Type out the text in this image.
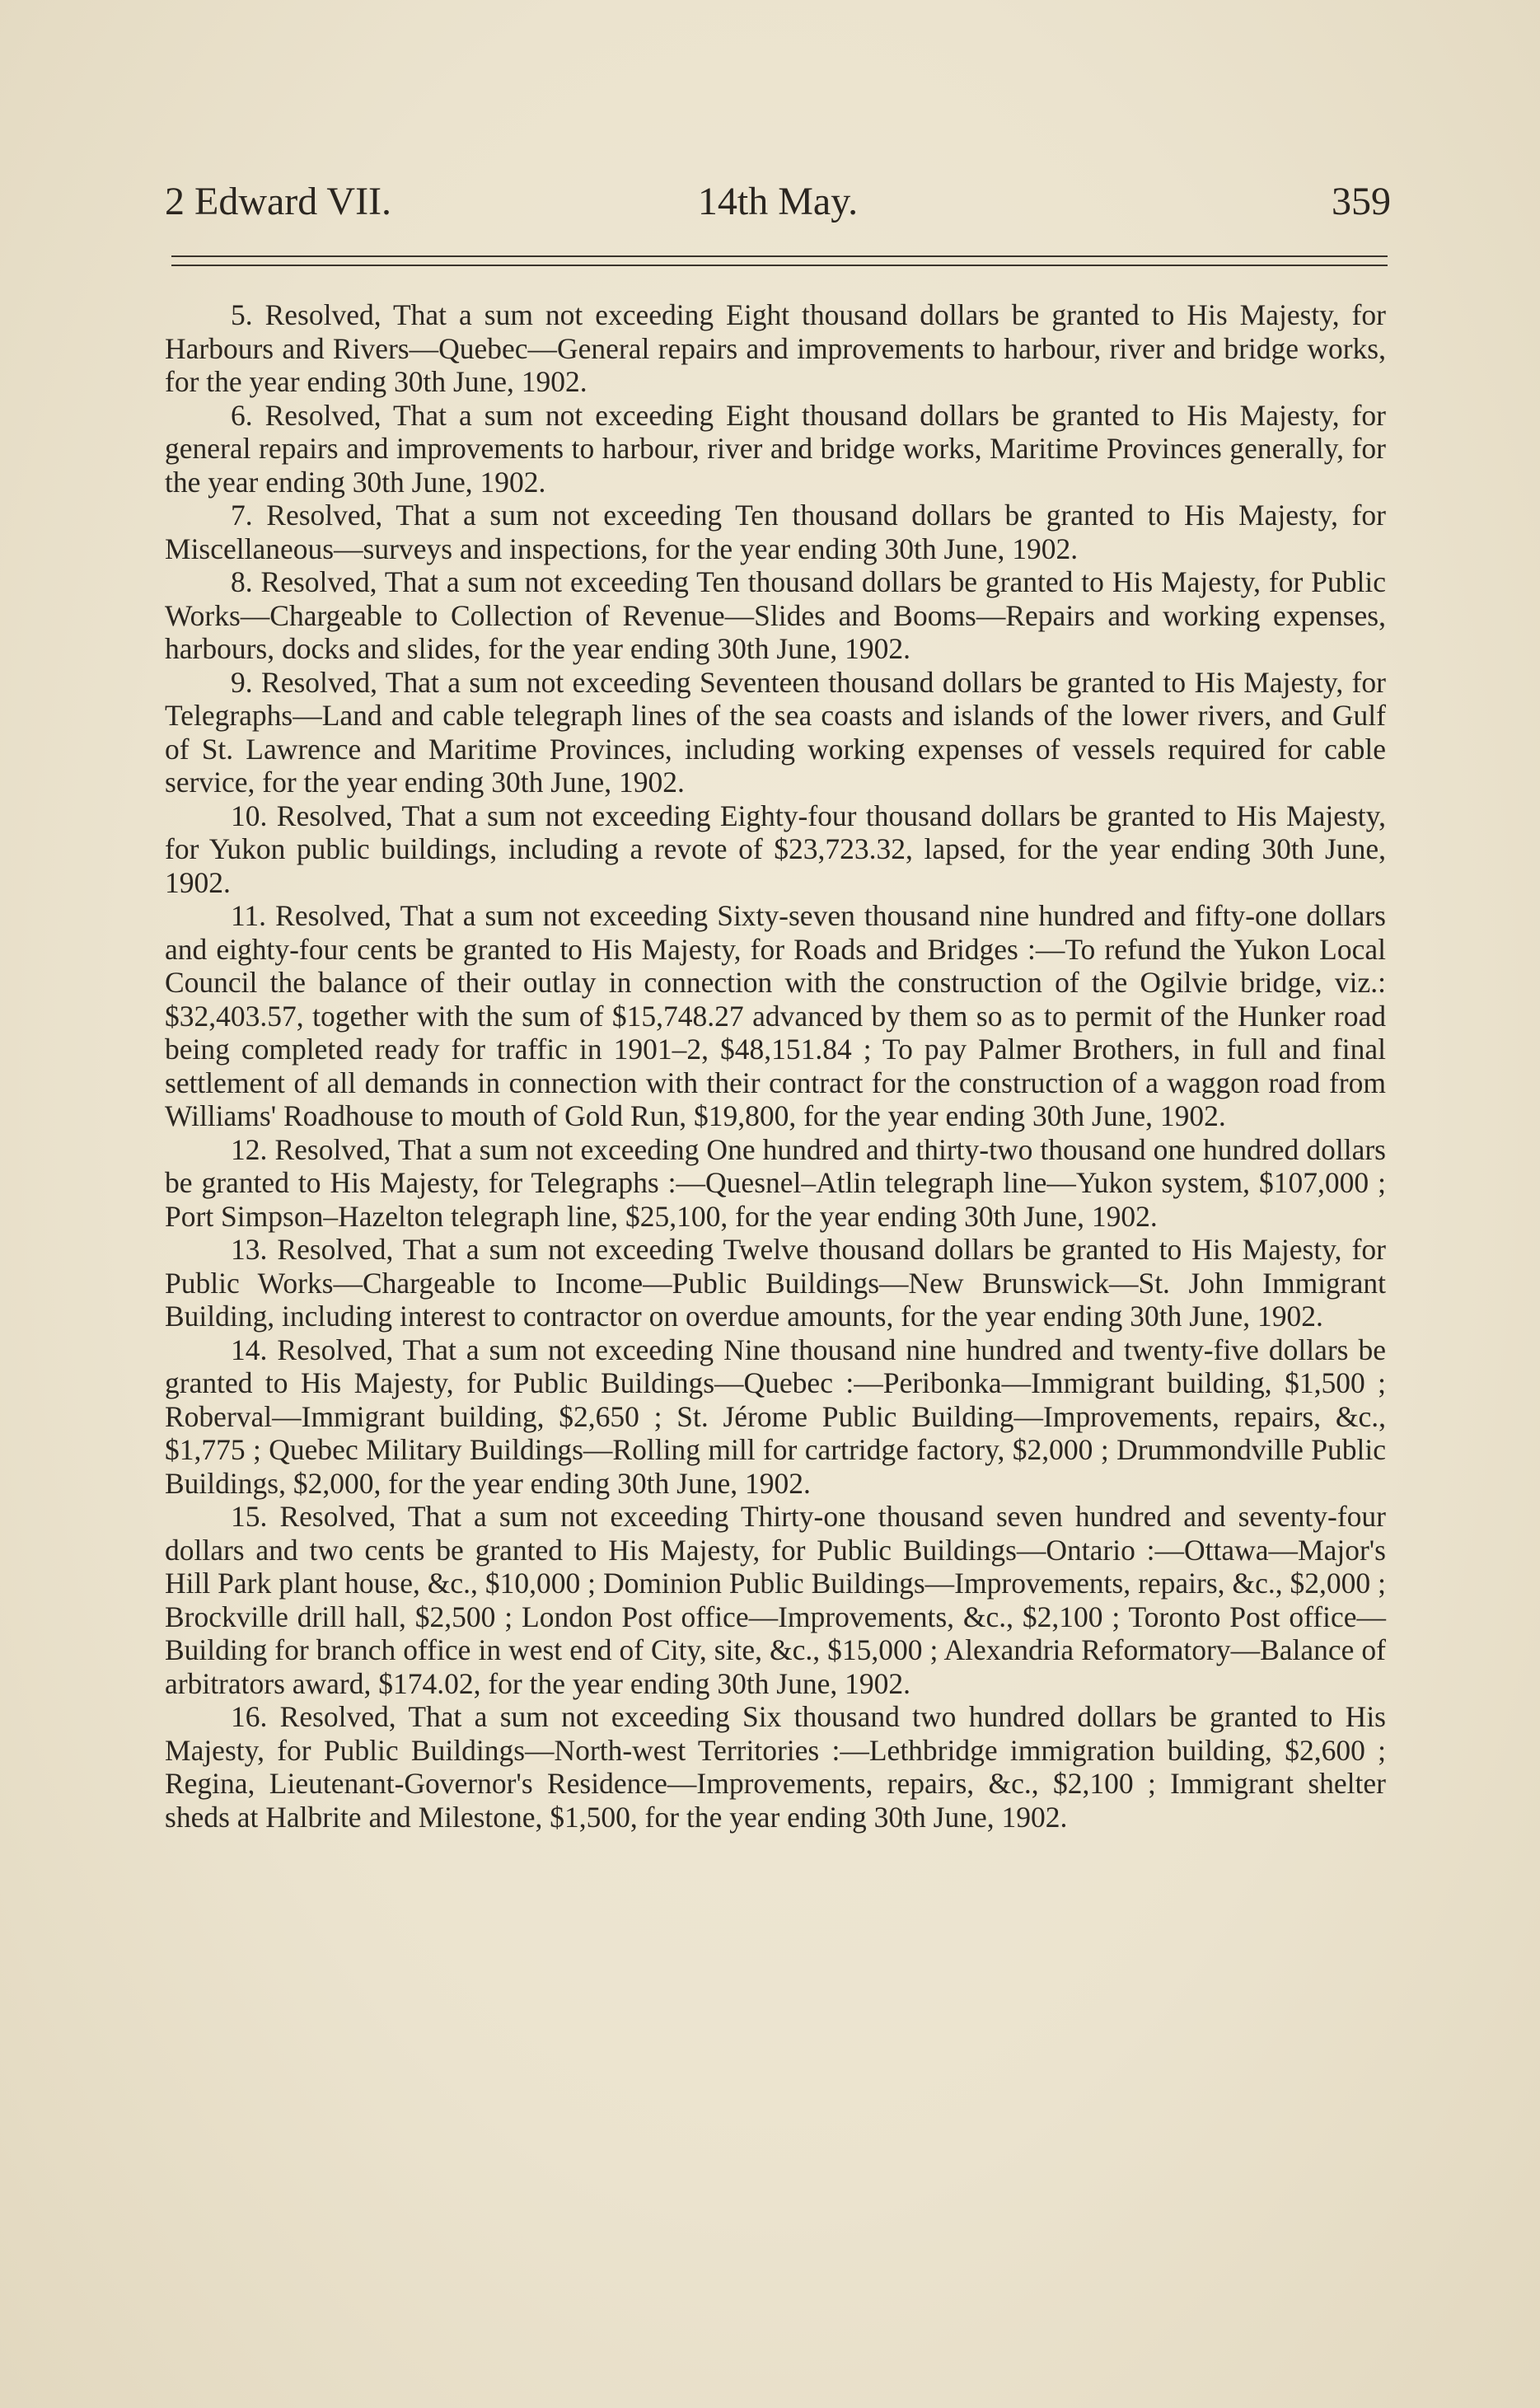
2 Edward VII.	14th May.	359

5. Resolved, That a sum not exceeding Eight thousand dollars be granted to His Majesty, for Harbours and Rivers—Quebec—General repairs and improvements to harbour, river and bridge works, for the year ending 30th June, 1902.

6. Resolved, That a sum not exceeding Eight thousand dollars be granted to His Majesty, for general repairs and improvements to harbour, river and bridge works, Maritime Provinces generally, for the year ending 30th June, 1902.

7. Resolved, That a sum not exceeding Ten thousand dollars be granted to His Majesty, for Miscellaneous—surveys and inspections, for the year ending 30th June, 1902.

8. Resolved, That a sum not exceeding Ten thousand dollars be granted to His Majesty, for Public Works—Chargeable to Collection of Revenue—Slides and Booms—Repairs and working expenses, harbours, docks and slides, for the year ending 30th June, 1902.

9. Resolved, That a sum not exceeding Seventeen thousand dollars be granted to His Majesty, for Telegraphs—Land and cable telegraph lines of the sea coasts and islands of the lower rivers, and Gulf of St. Lawrence and Maritime Provinces, including working expenses of vessels required for cable service, for the year ending 30th June, 1902.

10. Resolved, That a sum not exceeding Eighty-four thousand dollars be granted to His Majesty, for Yukon public buildings, including a revote of $23,723.32, lapsed, for the year ending 30th June, 1902.

11. Resolved, That a sum not exceeding Sixty-seven thousand nine hundred and fifty-one dollars and eighty-four cents be granted to His Majesty, for Roads and Bridges :—To refund the Yukon Local Council the balance of their outlay in connection with the construction of the Ogilvie bridge, viz.: $32,403.57, together with the sum of $15,748.27 advanced by them so as to permit of the Hunker road being completed ready for traffic in 1901–2, $48,151.84 ; To pay Palmer Brothers, in full and final settlement of all demands in connection with their contract for the construction of a waggon road from Williams' Roadhouse to mouth of Gold Run, $19,800, for the year ending 30th June, 1902.

12. Resolved, That a sum not exceeding One hundred and thirty-two thousand one hundred dollars be granted to His Majesty, for Telegraphs :—Quesnel–Atlin telegraph line—Yukon system, $107,000 ; Port Simpson–Hazelton telegraph line, $25,100, for the year ending 30th June, 1902.

13. Resolved, That a sum not exceeding Twelve thousand dollars be granted to His Majesty, for Public Works—Chargeable to Income—Public Buildings—New Brunswick—St. John Immigrant Building, including interest to contractor on overdue amounts, for the year ending 30th June, 1902.

14. Resolved, That a sum not exceeding Nine thousand nine hundred and twenty-five dollars be granted to His Majesty, for Public Buildings—Quebec :—Peribonka—Immigrant building, $1,500 ; Roberval—Immigrant building, $2,650 ; St. Jérome Public Building—Improvements, repairs, &c., $1,775 ; Quebec Military Buildings—Rolling mill for cartridge factory, $2,000 ; Drummondville Public Buildings, $2,000, for the year ending 30th June, 1902.

15. Resolved, That a sum not exceeding Thirty-one thousand seven hundred and seventy-four dollars and two cents be granted to His Majesty, for Public Buildings—Ontario :—Ottawa—Major's Hill Park plant house, &c., $10,000 ; Dominion Public Buildings—Improvements, repairs, &c., $2,000 ; Brockville drill hall, $2,500 ; London Post office—Improvements, &c., $2,100 ; Toronto Post office—Building for branch office in west end of City, site, &c., $15,000 ; Alexandria Reformatory—Balance of arbitrators award, $174.02, for the year ending 30th June, 1902.

16. Resolved, That a sum not exceeding Six thousand two hundred dollars be granted to His Majesty, for Public Buildings—North-west Territories :—Lethbridge immigration building, $2,600 ; Regina, Lieutenant-Governor's Residence—Improvements, repairs, &c., $2,100 ; Immigrant shelter sheds at Halbrite and Milestone, $1,500, for the year ending 30th June, 1902.
